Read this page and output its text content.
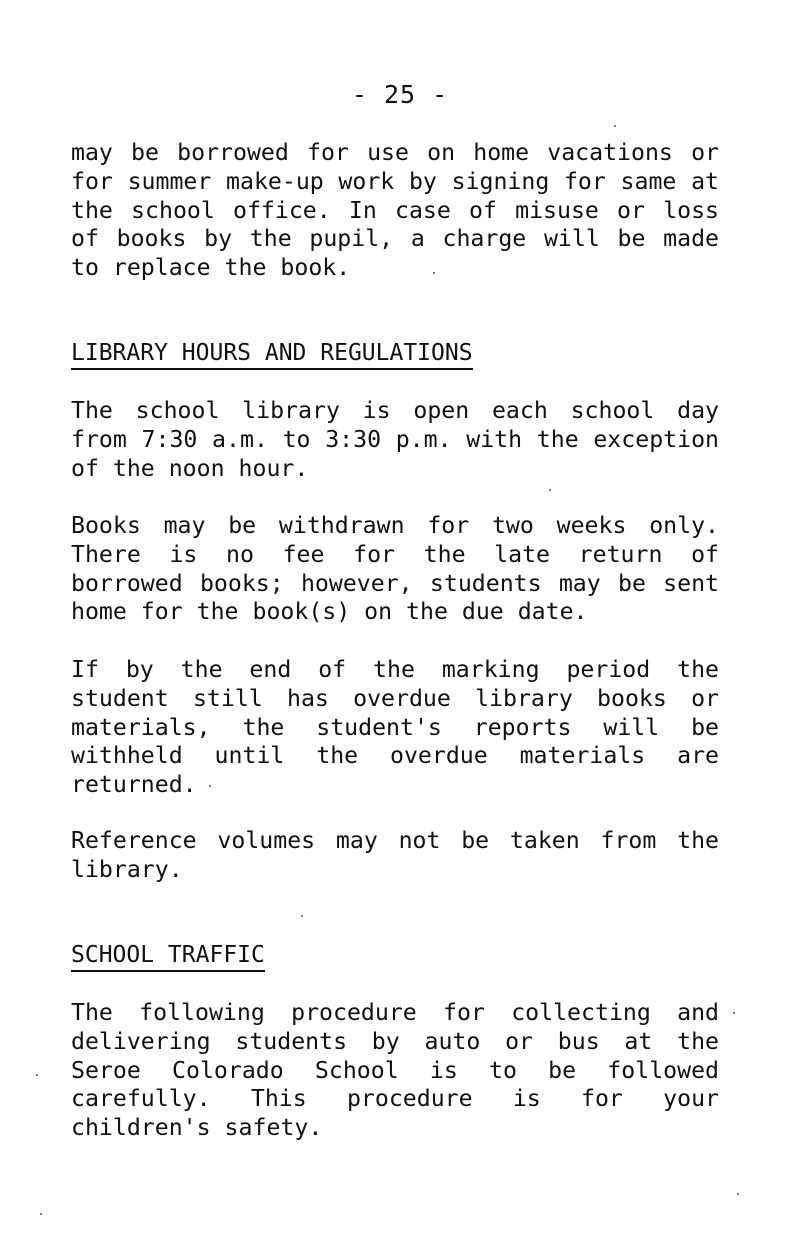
- 25 -

may be borrowed for use on home vacations or
for summer make-up work by signing for same at
the school office. In case of misuse or loss
of books by the pupil, a charge will be made
to replace the book.

LIBRARY HOURS AND REGULATIONS

The school library is open each school day
from 7:30 a.m. to 3:30 p.m. with the exception
of the noon hour.

Books may be withdrawn for two weeks only.
There is no fee for the late return of
borrowed books; however, students may be sent
home for the book(s) on the due date.

If by the end of the marking period the
student still has overdue library books or
materials, the student's reports will be
withheld until the overdue materials are
returned.

Reference volumes may not be taken from the
library.

SCHOOL TRAFFIC

The following procedure for collecting and
delivering students by auto or bus at the
Seroe Colorado School is to be followed
carefully. This procedure is for your
children's safety.
